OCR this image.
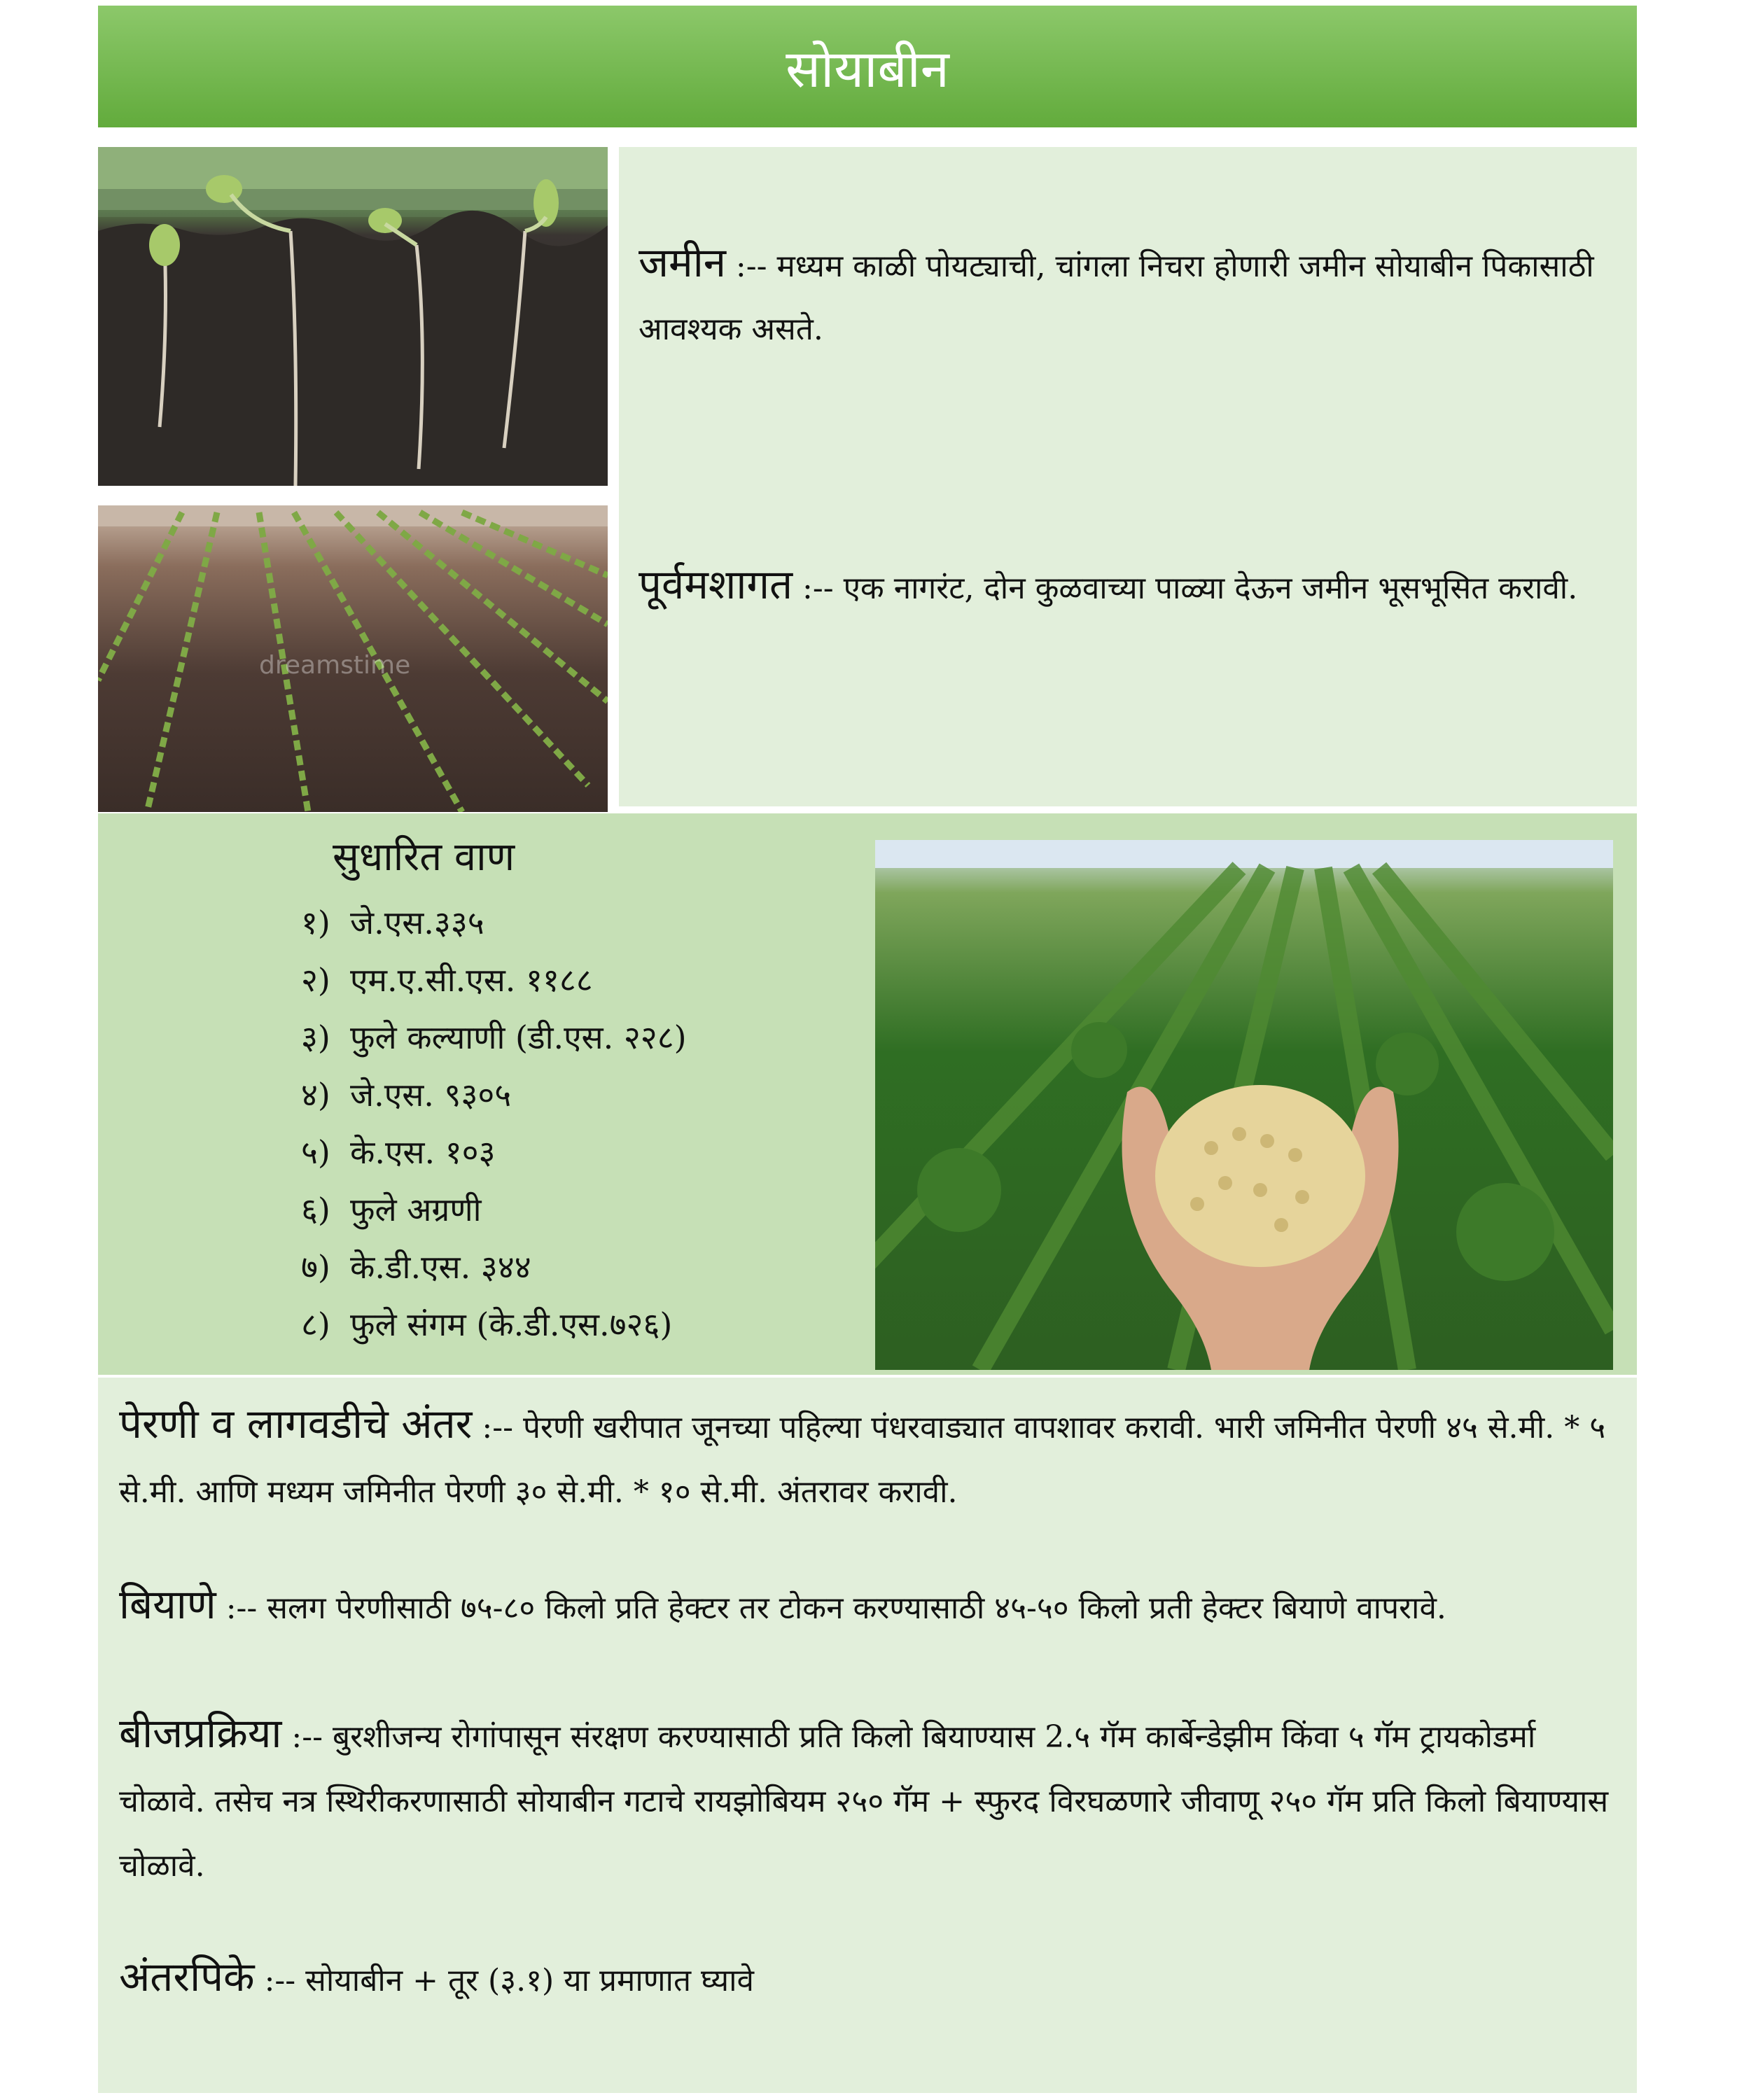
सोयाबीन
dreamstime

जमीन :-- मध्यम काळी पोयट्याची, चांगला निचरा होणारी जमीन सोयाबीन पिकासाठी आवश्यक असते.

पूर्वमशागत :-- एक नागरंट, दोन कुळवाच्या पाळ्या देऊन जमीन भूसभूसित करावी.

सुधारित वाण
१) जे.एस.३३५
२) एम.ए.सी.एस. ११८८
३) फुले कल्याणी (डी.एस. २२८)
४) जे.एस. ९३०५
५) के.एस. १०३
६) फुले अग्रणी
७) के.डी.एस. ३४४
८) फुले संगम (के.डी.एस.७२६)

पेरणी व लागवडीचे अंतर :-- पेरणी खरीपात जूनच्या पहिल्या पंधरवाड्यात वापशावर करावी. भारी जमिनीत पेरणी ४५ से.मी. * ५ से.मी. आणि मध्यम जमिनीत पेरणी ३० से.मी. * १० से.मी. अंतरावर करावी.

बियाणे :-- सलग पेरणीसाठी ७५-८० किलो प्रति हेक्टर तर टोकन करण्यासाठी ४५-५० किलो प्रती हेक्टर बियाणे वापरावे.

बीजप्रक्रिया :-- बुरशीजन्य रोगांपासून संरक्षण करण्यासाठी प्रति किलो बियाण्यास 2.५ गॅम कार्बेन्डेझीम किंवा ५ गॅम ट्रायकोडर्मा चोळावे. तसेच नत्र स्थिरीकरणासाठी सोयाबीन गटाचे रायझोबियम २५० गॅम + स्फुरद विरघळणारे जीवाणू २५० गॅम प्रति किलो बियाण्यास चोळावे.

अंतरपिके :-- सोयाबीन + तूर (३.१) या प्रमाणात घ्यावे
